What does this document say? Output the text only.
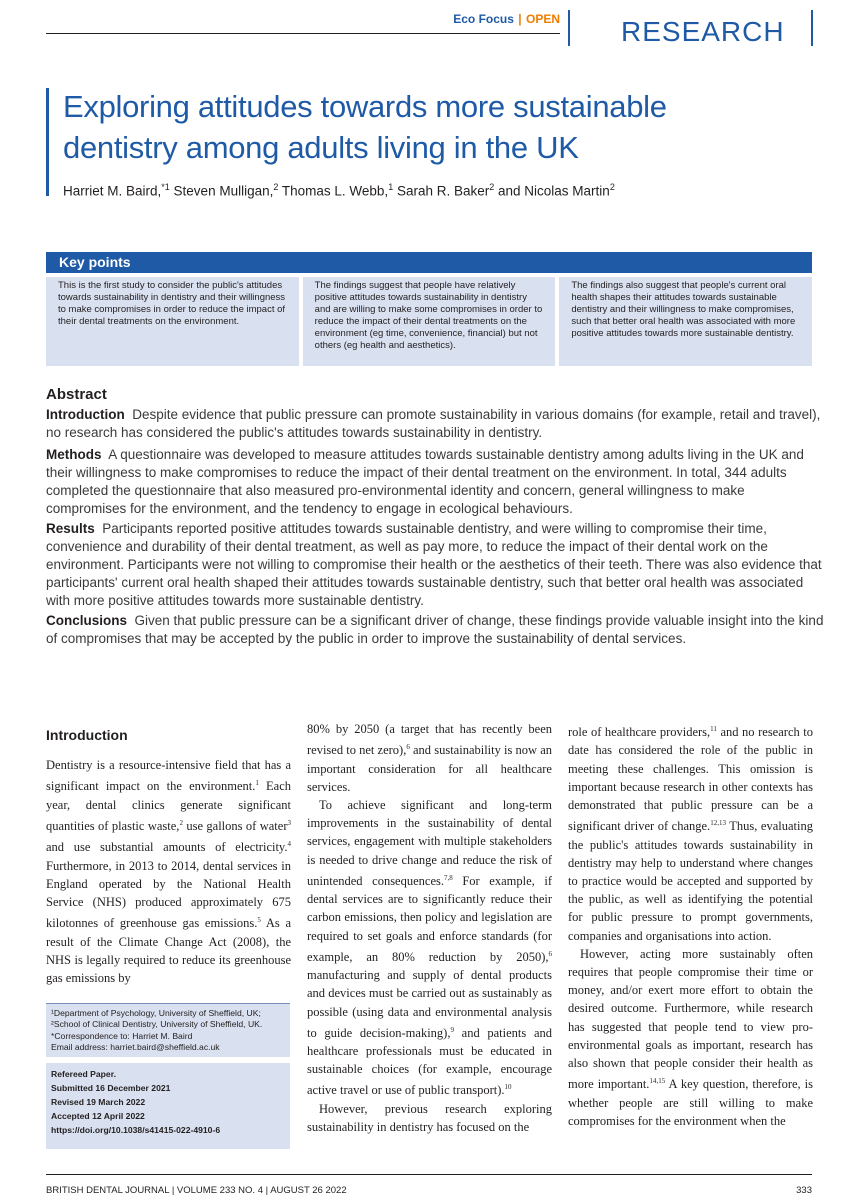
Eco Focus | OPEN RESEARCH
Exploring attitudes towards more sustainable dentistry among adults living in the UK
Harriet M. Baird,$^{*1}$ Steven Mulligan,$^2$ Thomas L. Webb,$^1$ Sarah R. Baker$^2$ and Nicolas Martin$^2$
Key points
This is the first study to consider the public's attitudes towards sustainability in dentistry and their willingness to make compromises in order to reduce the impact of their dental treatments on the environment.
The findings suggest that people have relatively positive attitudes towards sustainability in dentistry and are willing to make some compromises in order to reduce the impact of their dental treatments on the environment (eg time, convenience, financial) but not others (eg health and aesthetics).
The findings also suggest that people's current oral health shapes their attitudes towards sustainable dentistry and their willingness to make compromises, such that better oral health was associated with more positive attitudes towards more sustainable dentistry.
Abstract
Introduction Despite evidence that public pressure can promote sustainability in various domains (for example, retail and travel), no research has considered the public's attitudes towards sustainability in dentistry.
Methods A questionnaire was developed to measure attitudes towards sustainable dentistry among adults living in the UK and their willingness to make compromises to reduce the impact of their dental treatment on the environment. In total, 344 adults completed the questionnaire that also measured pro-environmental identity and concern, general willingness to make compromises for the environment, and the tendency to engage in ecological behaviours.
Results Participants reported positive attitudes towards sustainable dentistry, and were willing to compromise their time, convenience and durability of their dental treatment, as well as pay more, to reduce the impact of their dental work on the environment. Participants were not willing to compromise their health or the aesthetics of their teeth. There was also evidence that participants' current oral health shaped their attitudes towards sustainable dentistry, such that better oral health was associated with more positive attitudes towards more sustainable dentistry.
Conclusions Given that public pressure can be a significant driver of change, these findings provide valuable insight into the kind of compromises that may be accepted by the public in order to improve the sustainability of dental services.
Introduction

Dentistry is a resource-intensive field that has a significant impact on the environment.$^1$ Each year, dental clinics generate significant quantities of plastic waste,$^2$ use gallons of water$^3$ and use substantial amounts of electricity.$^4$ Furthermore, in 2013 to 2014, dental services in England operated by the National Health Service (NHS) produced approximately 675 kilotonnes of greenhouse gas emissions.$^5$ As a result of the Climate Change Act (2008), the NHS is legally required to reduce its greenhouse gas emissions by

¹Department of Psychology, University of Sheffield, UK;
²School of Clinical Dentistry, University of Sheffield, UK.
*Correspondence to: Harriet M. Baird
Email address: harriet.baird@sheffield.ac.uk
Refereed Paper.
Submitted 16 December 2021
Revised 19 March 2022
Accepted 12 April 2022
https://doi.org/10.1038/s41415-022-4910-6

80% by 2050 (a target that has recently been revised to net zero),$^6$ and sustainability is now an important consideration for all healthcare services.

To achieve significant and long-term improvements in the sustainability of dental services, engagement with multiple stakeholders is needed to drive change and reduce the risk of unintended consequences.$^{7,8}$ For example, if dental services are to significantly reduce their carbon emissions, then policy and legislation are required to set goals and enforce standards (for example, an 80% reduction by 2050),$^6$ manufacturing and supply of dental products and devices must be carried out as sustainably as possible (using data and environmental analysis to guide decision-making),$^9$ and patients and healthcare professionals must be educated in sustainable choices (for example, encourage active travel or use of public transport).$^{10}$

However, previous research exploring sustainability in dentistry has focused on the

role of healthcare providers,$^{11}$ and no research to date has considered the role of the public in meeting these challenges. This omission is important because research in other contexts has demonstrated that public pressure can be a significant driver of change.$^{12,13}$ Thus, evaluating the public's attitudes towards sustainability in dentistry may help to understand where changes to practice would be accepted and supported by the public, as well as identifying the potential for public pressure to prompt governments, companies and organisations into action.

However, acting more sustainably often requires that people compromise their time or money, and/or exert more effort to obtain the desired outcome. Furthermore, while research has suggested that people tend to view pro-environmental goals as important, research has also shown that people consider their health as more important.$^{14,15}$ A key question, therefore, is whether people are still willing to make compromises for the environment when the

BRITISH DENTAL JOURNAL | VOLUME 233 NO. 4 | AUGUST 26 2022	333
